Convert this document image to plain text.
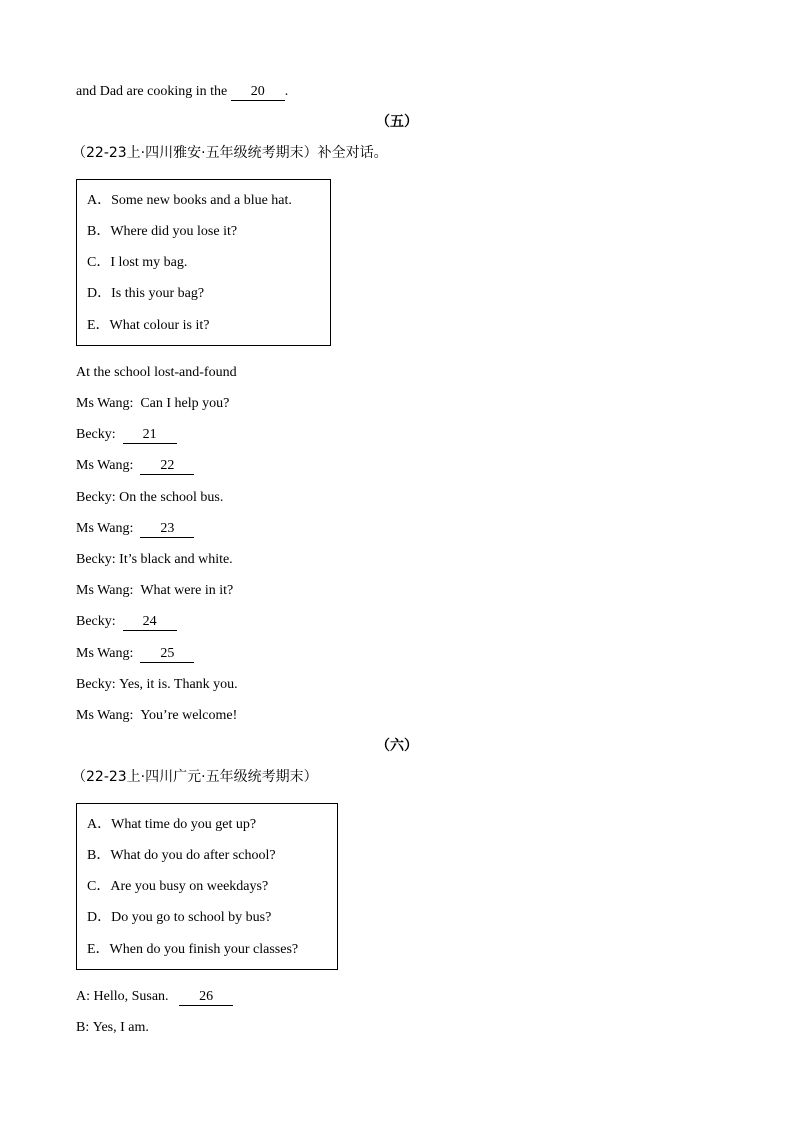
and Dad are cooking in the 20 .
（五）
（22-23上·四川雅安·五年级统考期末）补全对话。
A．Some new books and a blue hat.
B．Where did you lose it?
C．I lost my bag.
D．Is this your bag?
E．What colour is it?
At the school lost-and-found
Ms Wang: Can I help you?
Becky: 21
Ms Wang: 22
Becky: On the school bus.
Ms Wang: 23
Becky: It’s black and white.
Ms Wang: What were in it?
Becky: 24
Ms Wang: 25
Becky: Yes, it is. Thank you.
Ms Wang: You’re welcome!
（六）
（22-23上·四川广元·五年级统考期末）
A．What time do you get up?
B．What do you do after school?
C．Are you busy on weekdays?
D．Do you go to school by bus?
E．When do you finish your classes?
A: Hello, Susan. 26
B: Yes, I am.
